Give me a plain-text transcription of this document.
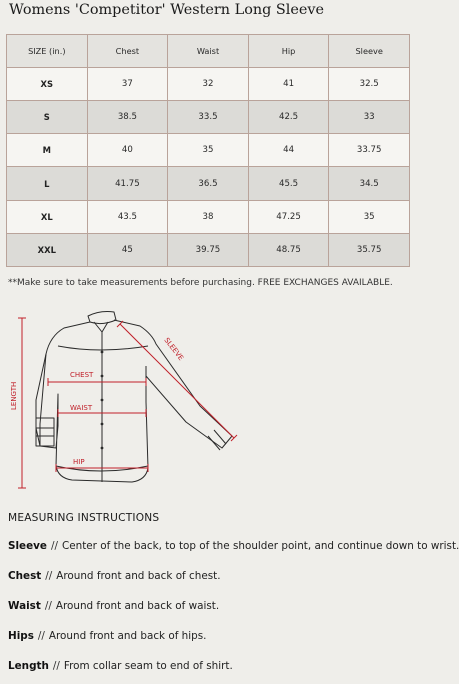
Womens 'Competitor' Western Long Sleeve
SIZE (in.)	Chest	Waist	Hip	Sleeve
XS	37	32	41	32.5
S	38.5	33.5	42.5	33
M	40	35	44	33.75
L	41.75	36.5	45.5	34.5
XL	43.5	38	47.25	35
XXL	45	39.75	48.75	35.75
**Make sure to take measurements before purchasing. FREE EXCHANGES AVAILABLE.
LENGTH
CHEST
WAIST
HIP
SLEEVE
MEASURING INSTRUCTIONS
Sleeve // Center of the back, to top of the shoulder point, and continue down to wrist.
Chest // Around front and back of chest.
Waist // Around front and back of waist.
Hips // Around front and back of hips.
Length // From collar seam to end of shirt.
